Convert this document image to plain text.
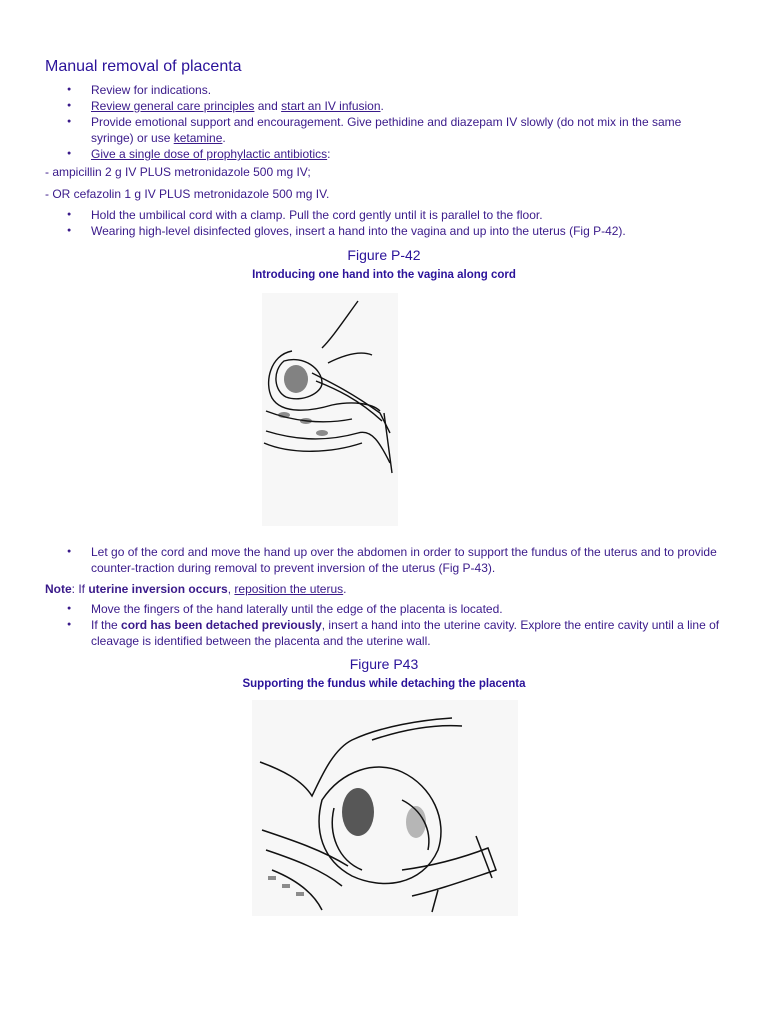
Manual removal of placenta
● Review for indications.
● Review general care principles and start an IV infusion.
● Provide emotional support and encouragement. Give pethidine and diazepam IV slowly (do not mix in the same syringe) or use ketamine.
● Give a single dose of prophylactic antibiotics:

- ampicillin 2 g IV PLUS metronidazole 500 mg IV;

- OR cefazolin 1 g IV PLUS metronidazole 500 mg IV.

● Hold the umbilical cord with a clamp. Pull the cord gently until it is parallel to the floor.
● Wearing high-level disinfected gloves, insert a hand into the vagina and up into the uterus (Fig P-42).

Figure P-42

Introducing one hand into the vagina along cord

● Let go of the cord and move the hand up over the abdomen in order to support the fundus of the uterus and to provide counter-traction during removal to prevent inversion of the uterus (Fig P-43).

Note: If uterine inversion occurs, reposition the uterus.

● Move the fingers of the hand laterally until the edge of the placenta is located.
● If the cord has been detached previously, insert a hand into the uterine cavity. Explore the entire cavity until a line of cleavage is identified between the placenta and the uterine wall.

Figure P43

Supporting the fundus while detaching the placenta
